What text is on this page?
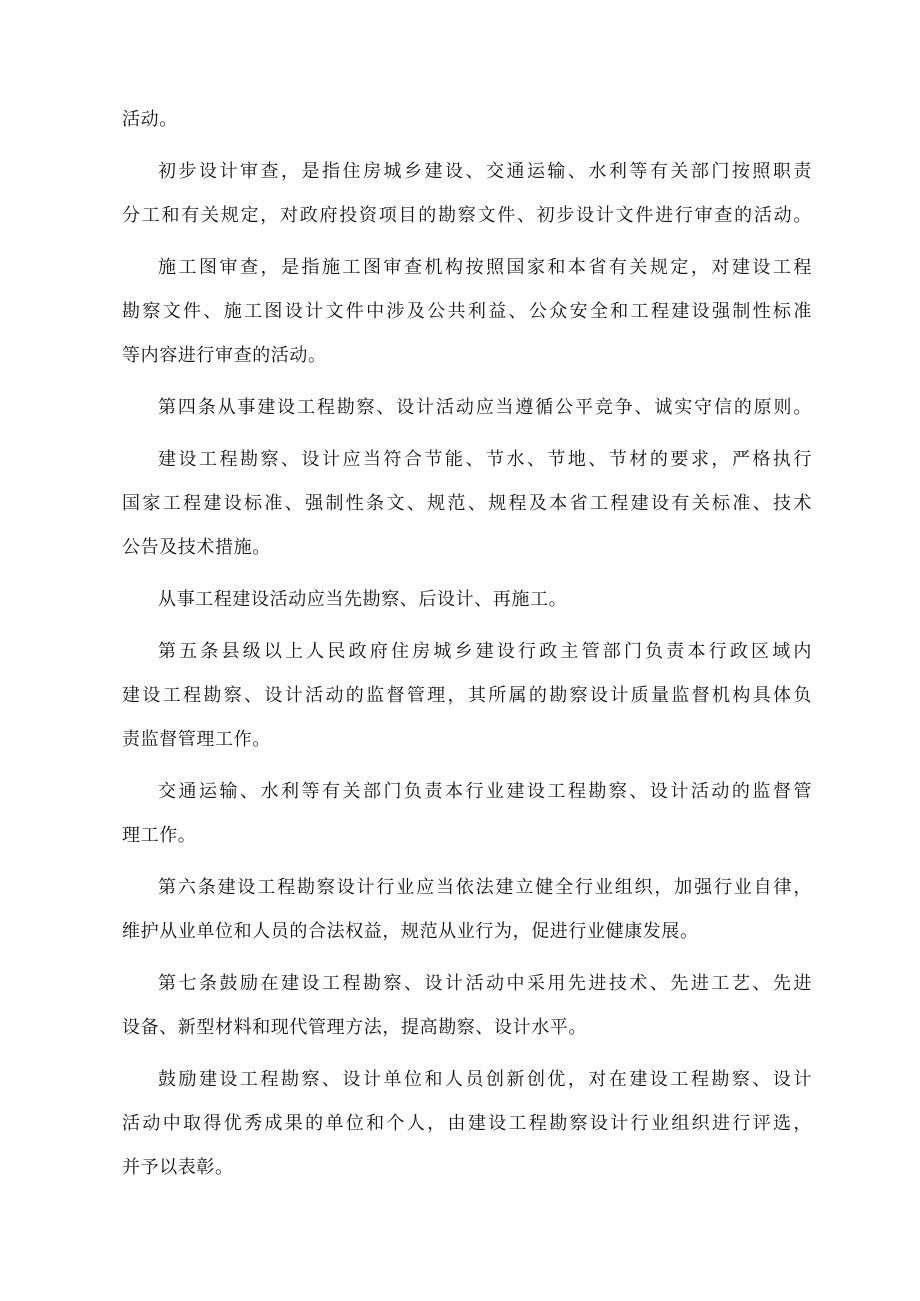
活动。
初步设计审查，是指住房城乡建设、交通运输、水利等有关部门按照职责
分工和有关规定，对政府投资项目的勘察文件、初步设计文件进行审查的活动。
施工图审查，是指施工图审查机构按照国家和本省有关规定，对建设工程
勘察文件、施工图设计文件中涉及公共利益、公众安全和工程建设强制性标准
等内容进行审查的活动。
第四条从事建设工程勘察、设计活动应当遵循公平竞争、诚实守信的原则。
建设工程勘察、设计应当符合节能、节水、节地、节材的要求，严格执行
国家工程建设标准、强制性条文、规范、规程及本省工程建设有关标准、技术
公告及技术措施。
从事工程建设活动应当先勘察、后设计、再施工。
第五条县级以上人民政府住房城乡建设行政主管部门负责本行政区域内
建设工程勘察、设计活动的监督管理，其所属的勘察设计质量监督机构具体负
责监督管理工作。
交通运输、水利等有关部门负责本行业建设工程勘察、设计活动的监督管
理工作。
第六条建设工程勘察设计行业应当依法建立健全行业组织，加强行业自律，
维护从业单位和人员的合法权益，规范从业行为，促进行业健康发展。
第七条鼓励在建设工程勘察、设计活动中采用先进技术、先进工艺、先进
设备、新型材料和现代管理方法，提高勘察、设计水平。
鼓励建设工程勘察、设计单位和人员创新创优，对在建设工程勘察、设计
活动中取得优秀成果的单位和个人，由建设工程勘察设计行业组织进行评选，
并予以表彰。
